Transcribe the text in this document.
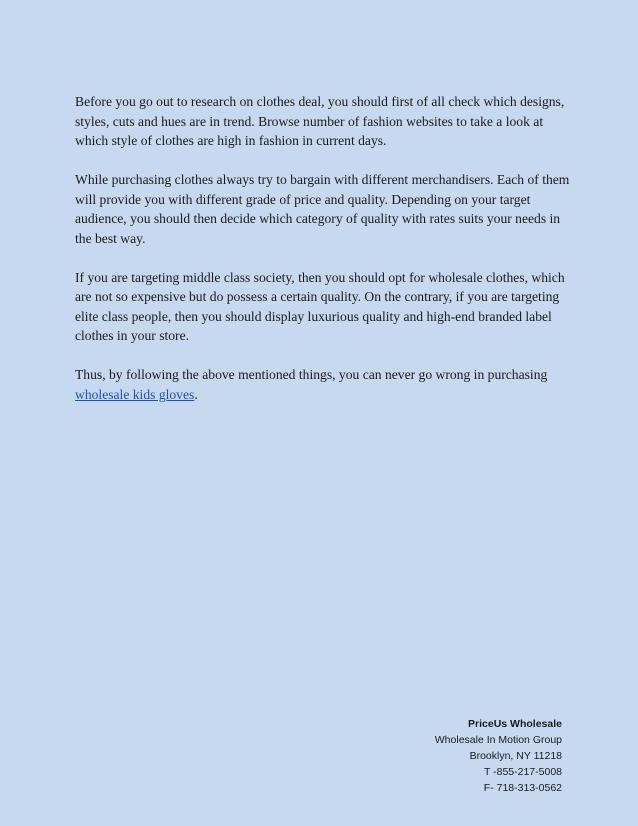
Before you go out to research on clothes deal, you should first of all check which designs, styles, cuts and hues are in trend. Browse number of fashion websites to take a look at which style of clothes are high in fashion in current days.

While purchasing clothes always try to bargain with different merchandisers. Each of them will provide you with different grade of price and quality. Depending on your target audience, you should then decide which category of quality with rates suits your needs in the best way.

If you are targeting middle class society, then you should opt for wholesale clothes, which are not so expensive but do possess a certain quality. On the contrary, if you are targeting elite class people, then you should display luxurious quality and high-end branded label clothes in your store.

Thus, by following the above mentioned things, you can never go wrong in purchasing wholesale kids gloves.

PriceUs Wholesale
Wholesale In Motion Group
Brooklyn, NY 11218
T -855-217-5008
F- 718-313-0562
